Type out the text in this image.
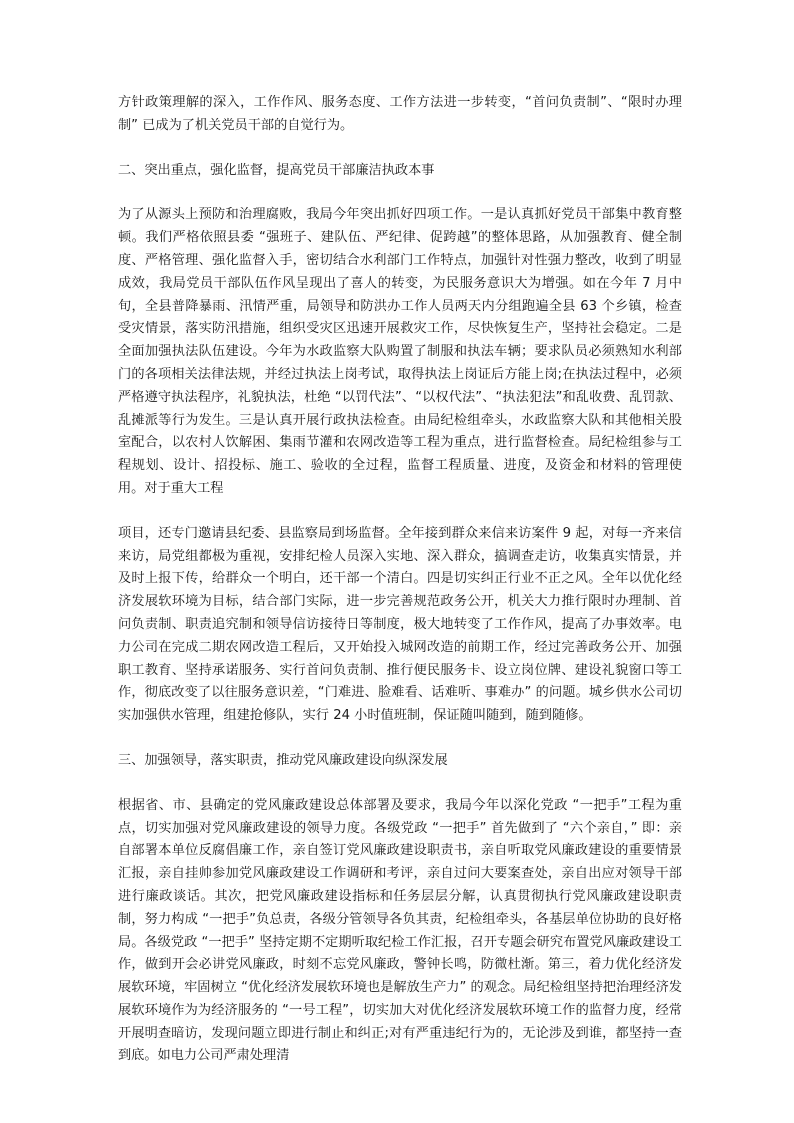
方针政策理解的深入，工作作风、服务态度、工作方法进一步转变，“首问负责制”、“限时办理制” 已成为了机关党员干部的自觉行为。

二、突出重点，强化监督，提高党员干部廉洁执政本事

为了从源头上预防和治理腐败，我局今年突出抓好四项工作。一是认真抓好党员干部集中教育整顿。我们严格依照县委 “强班子、建队伍、严纪律、促跨越”的整体思路，从加强教育、健全制度、严格管理、强化监督入手，密切结合水利部门工作特点，加强针对性强力整改，收到了明显成效，我局党员干部队伍作风呈现出了喜人的转变，为民服务意识大为增强。如在今年 7 月中旬，全县普降暴雨、汛情严重，局领导和防洪办工作人员两天内分组跑遍全县 63 个乡镇，检查受灾情景，落实防汛措施，组织受灾区迅速开展救灾工作，尽快恢复生产，坚持社会稳定。二是全面加强执法队伍建设。今年为水政监察大队购置了制服和执法车辆；要求队员必须熟知水利部门的各项相关法律法规，并经过执法上岗考试，取得执法上岗证后方能上岗;在执法过程中，必须严格遵守执法程序，礼貌执法，杜绝 “以罚代法”、“以权代法”、“执法犯法”和乱收费、乱罚款、乱摊派等行为发生。三是认真开展行政执法检查。由局纪检组牵头，水政监察大队和其他相关股室配合，以农村人饮解困、集雨节灌和农网改造等工程为重点，进行监督检查。局纪检组参与工程规划、设计、招投标、施工、验收的全过程，监督工程质量、进度，及资金和材料的管理使用。对于重大工程

项目，还专门邀请县纪委、县监察局到场监督。全年接到群众来信来访案件 9 起，对每一齐来信来访，局党组都极为重视，安排纪检人员深入实地、深入群众，搞调查走访，收集真实情景，并及时上报下传，给群众一个明白，还干部一个清白。四是切实纠正行业不正之风。全年以优化经济发展软环境为目标，结合部门实际，进一步完善规范政务公开，机关大力推行限时办理制、首问负责制、职责追究制和领导信访接待日等制度，极大地转变了工作作风，提高了办事效率。电力公司在完成二期农网改造工程后，又开始投入城网改造的前期工作，经过完善政务公开、加强职工教育、坚持承诺服务、实行首问负责制、推行便民服务卡、设立岗位牌、建设礼貌窗口等工作，彻底改变了以往服务意识差，“门难进、脸难看、话难听、事难办” 的问题。城乡供水公司切实加强供水管理，组建抢修队，实行 24 小时值班制，保证随叫随到，随到随修。

三、加强领导，落实职责，推动党风廉政建设向纵深发展

根据省、市、县确定的党风廉政建设总体部署及要求，我局今年以深化党政 “一把手”工程为重点，切实加强对党风廉政建设的领导力度。各级党政 “一把手” 首先做到了 “六个亲自，” 即：亲自部署本单位反腐倡廉工作，亲自签订党风廉政建设职责书，亲自听取党风廉政建设的重要情景汇报，亲自挂帅参加党风廉政建设工作调研和考评，亲自过问大要案查处，亲自出应对领导干部进行廉政谈话。其次，把党风廉政建设指标和任务层层分解，认真贯彻执行党风廉政建设职责制，努力构成 “一把手”负总责，各级分管领导各负其责，纪检组牵头，各基层单位协助的良好格局。各级党政 “一把手” 坚持定期不定期听取纪检工作汇报，召开专题会研究布置党风廉政建设工作，做到开会必讲党风廉政，时刻不忘党风廉政，警钟长鸣，防微杜渐。第三，着力优化经济发展软环境，牢固树立 “优化经济发展软环境也是解放生产力” 的观念。局纪检组坚持把治理经济发展软环境作为为经济服务的 “一号工程”，切实加大对优化经济发展软环境工作的监督力度，经常开展明查暗访，发现问题立即进行制止和纠正;对有严重违纪行为的，无论涉及到谁，都坚持一查到底。如电力公司严肃处理清
